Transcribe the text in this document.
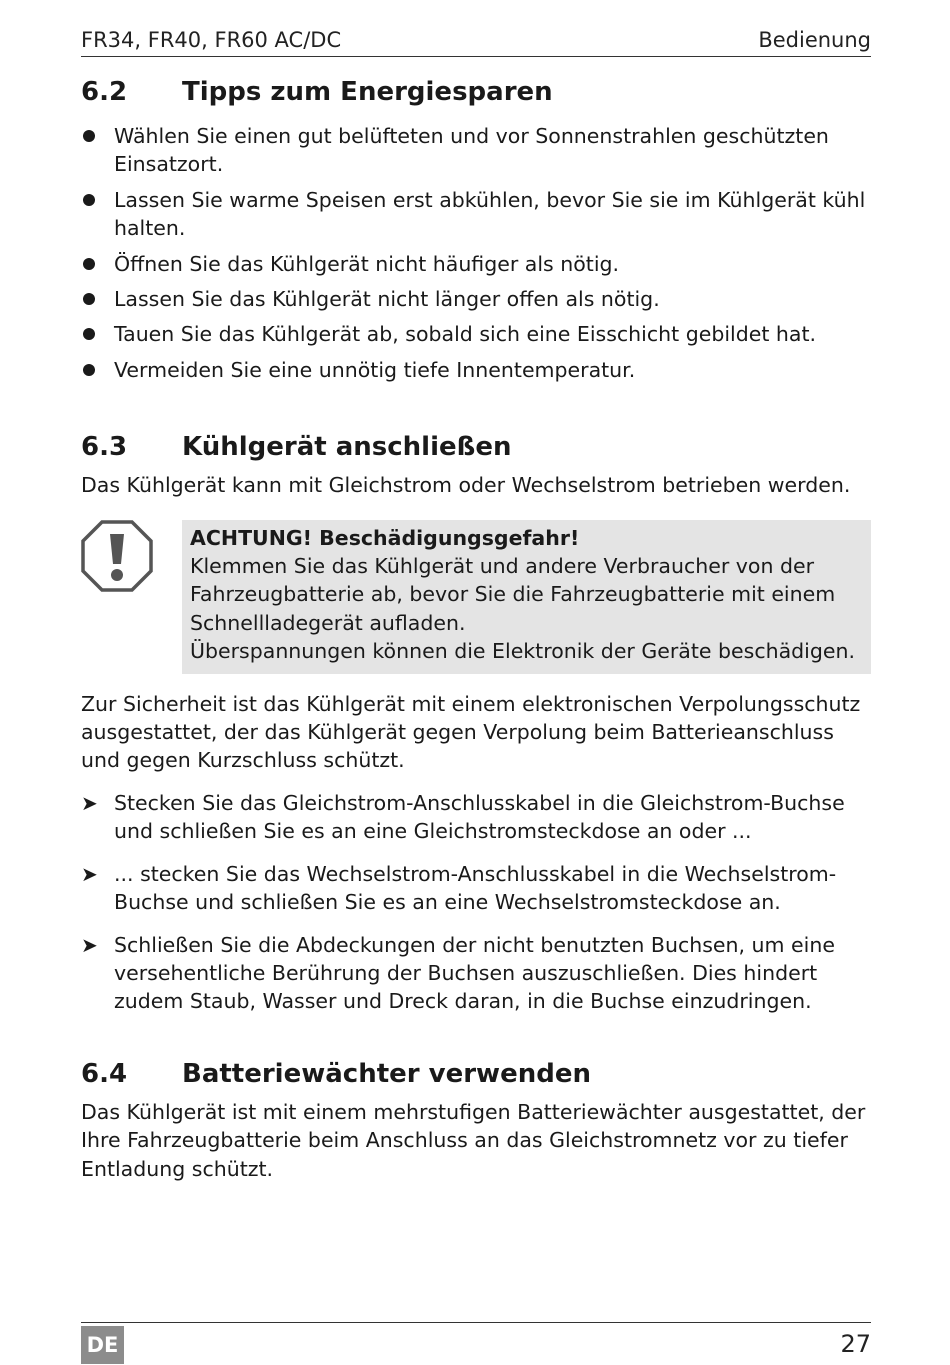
FR34, FR40, FR60 AC/DC	Bedienung
6.2 Tipps zum Energiesparen
Wählen Sie einen gut belüfteten und vor Sonnenstrahlen geschützten Einsatzort.
Lassen Sie warme Speisen erst abkühlen, bevor Sie sie im Kühlgerät kühl halten.
Öffnen Sie das Kühlgerät nicht häufiger als nötig.
Lassen Sie das Kühlgerät nicht länger offen als nötig.
Tauen Sie das Kühlgerät ab, sobald sich eine Eisschicht gebildet hat.
Vermeiden Sie eine unnötig tiefe Innentemperatur.
6.3 Kühlgerät anschließen

Das Kühlgerät kann mit Gleichstrom oder Wechselstrom betrieben werden.

ACHTUNG! Beschädigungsgefahr!
Klemmen Sie das Kühlgerät und andere Verbraucher von der Fahrzeugbatterie ab, bevor Sie die Fahrzeugbatterie mit einem Schnellladegerät aufladen.
Überspannungen können die Elektronik der Geräte beschädigen.

Zur Sicherheit ist das Kühlgerät mit einem elektronischen Verpolungsschutz ausgestattet, der das Kühlgerät gegen Verpolung beim Batterieanschluss und gegen Kurzschluss schützt.

➤ Stecken Sie das Gleichstrom-Anschlusskabel in die Gleichstrom-Buchse und schließen Sie es an eine Gleichstromsteckdose an oder ...
➤ ... stecken Sie das Wechselstrom-Anschlusskabel in die Wechselstrom-Buchse und schließen Sie es an eine Wechselstromsteckdose an.
➤ Schließen Sie die Abdeckungen der nicht benutzten Buchsen, um eine versehentliche Berührung der Buchsen auszuschließen. Dies hindert zudem Staub, Wasser und Dreck daran, in die Buchse einzudringen.
6.4 Batteriewächter verwenden

Das Kühlgerät ist mit einem mehrstufigen Batteriewächter ausgestattet, der Ihre Fahrzeugbatterie beim Anschluss an das Gleichstromnetz vor zu tiefer Entladung schützt.

DE	27
